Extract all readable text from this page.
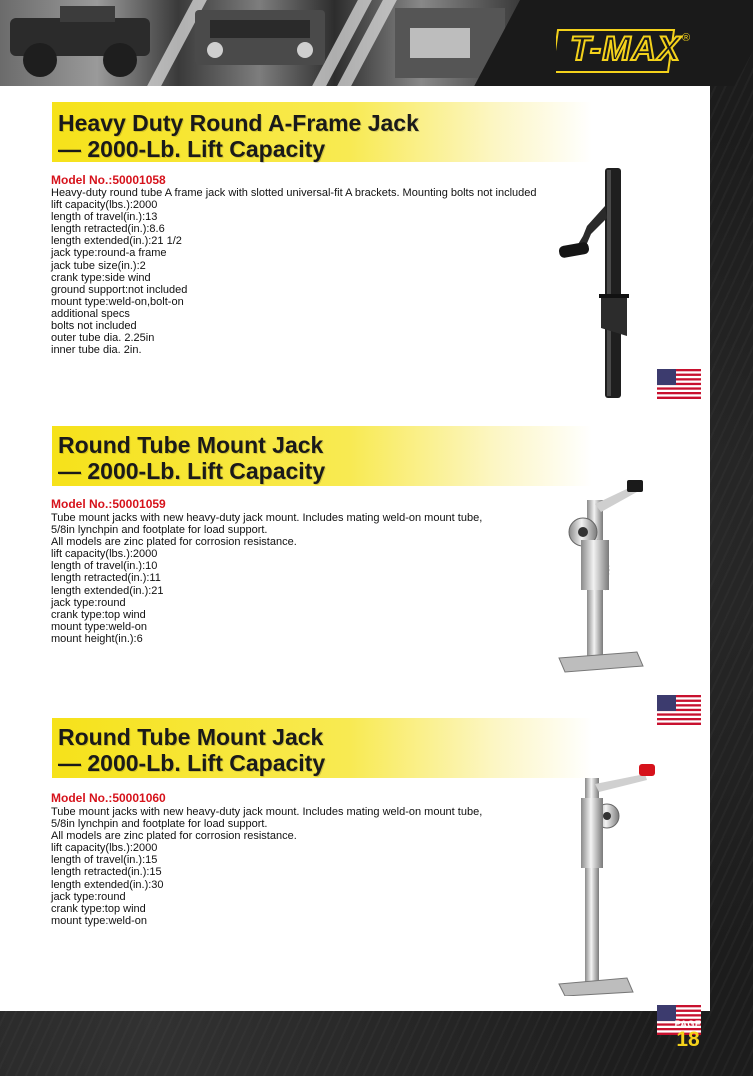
T-MAX ®
Heavy Duty Round A-Frame Jack
— 2000-Lb. Lift Capacity
Model No.:50001058
Heavy-duty round tube A frame jack with slotted universal-fit A brackets. Mounting bolts not included
lift capacity(lbs.):2000
length of travel(in.):13
length retracted(in.):8.6
length extended(in.):21 1/2
jack type:round-a frame
jack tube size(in.):2
crank type:side wind
ground support:not included
mount type:weld-on,bolt-on
additional specs
bolts not included
outer tube dia. 2.25in
inner tube dia. 2in.
Round Tube Mount Jack
— 2000-Lb. Lift Capacity
Model No.:50001059
Tube mount jacks with new heavy-duty jack mount. Includes mating weld-on mount tube,
5/8in lynchpin and footplate for load support.
All models are zinc plated for corrosion resistance.
lift capacity(lbs.):2000
length of travel(in.):10
length retracted(in.):11
length extended(in.):21
jack type:round
crank type:top wind
mount type:weld-on
mount height(in.):6
Round Tube Mount Jack
— 2000-Lb. Lift Capacity
Model No.:50001060
Tube mount jacks with new heavy-duty jack mount. Includes mating weld-on mount tube,
5/8in lynchpin and footplate for load support.
All models are zinc plated for corrosion resistance.
lift capacity(lbs.):2000
length of travel(in.):15
length retracted(in.):15
length extended(in.):30
jack type:round
crank type:top wind
mount type:weld-on
PAGE
18
